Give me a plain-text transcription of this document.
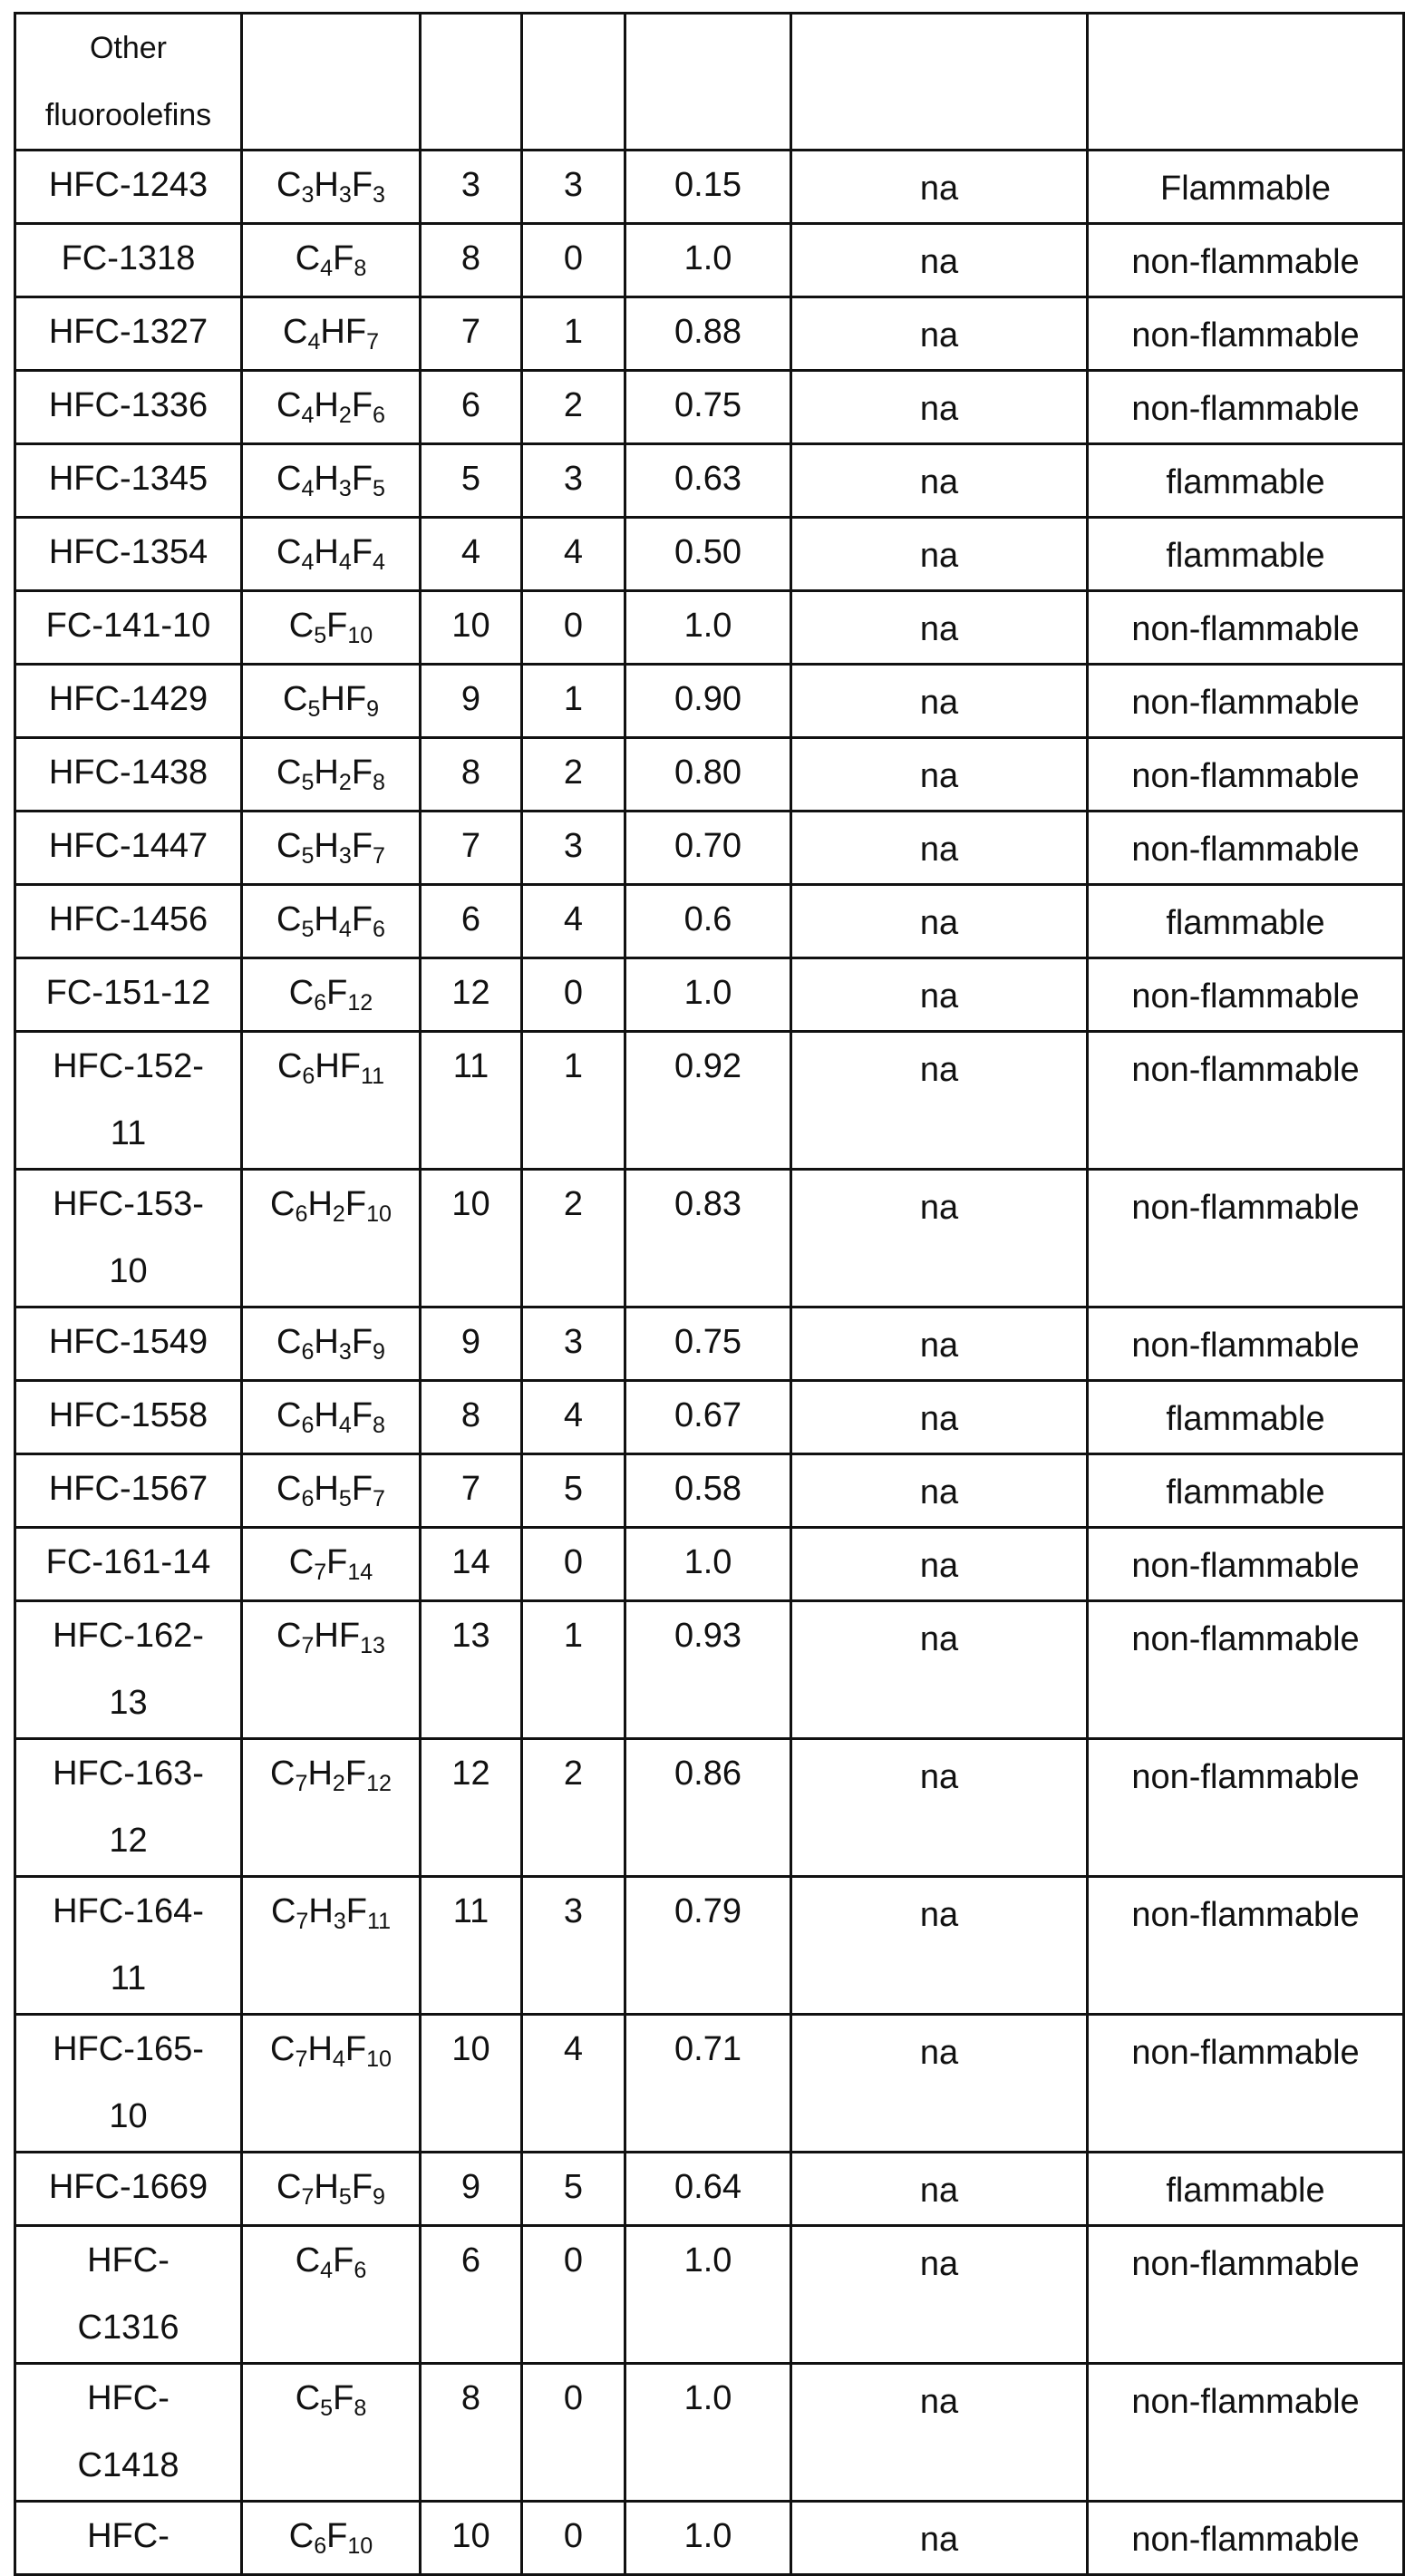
Other
fluoroolefins						
HFC-1243	$C_3H_3F_3$	3	3	0.15	na	Flammable
FC-1318	$C_4F_8$	8	0	1.0	na	non-flammable
HFC-1327	$C_4HF_7$	7	1	0.88	na	non-flammable
HFC-1336	$C_4H_2F_6$	6	2	0.75	na	non-flammable
HFC-1345	$C_4H_3F_5$	5	3	0.63	na	flammable
HFC-1354	$C_4H_4F_4$	4	4	0.50	na	flammable
FC-141-10	$C_5F_{10}$	10	0	1.0	na	non-flammable
HFC-1429	$C_5HF_9$	9	1	0.90	na	non-flammable
HFC-1438	$C_5H_2F_8$	8	2	0.80	na	non-flammable
HFC-1447	$C_5H_3F_7$	7	3	0.70	na	non-flammable
HFC-1456	$C_5H_4F_6$	6	4	0.6	na	flammable
FC-151-12	$C_6F_{12}$	12	0	1.0	na	non-flammable
HFC-152-
11	$C_6HF_{11}$	11	1	0.92	na	non-flammable
HFC-153-
10	$C_6H_2F_{10}$	10	2	0.83	na	non-flammable
HFC-1549	$C_6H_3F_9$	9	3	0.75	na	non-flammable
HFC-1558	$C_6H_4F_8$	8	4	0.67	na	flammable
HFC-1567	$C_6H_5F_7$	7	5	0.58	na	flammable
FC-161-14	$C_7F_{14}$	14	0	1.0	na	non-flammable
HFC-162-
13	$C_7HF_{13}$	13	1	0.93	na	non-flammable
HFC-163-
12	$C_7H_2F_{12}$	12	2	0.86	na	non-flammable
HFC-164-
11	$C_7H_3F_{11}$	11	3	0.79	na	non-flammable
HFC-165-
10	$C_7H_4F_{10}$	10	4	0.71	na	non-flammable
HFC-1669	$C_7H_5F_9$	9	5	0.64	na	flammable
HFC-
C1316	$C_4F_6$	6	0	1.0	na	non-flammable
HFC-
C1418	$C_5F_8$	8	0	1.0	na	non-flammable
HFC-	$C_6F_{10}$	10	0	1.0	na	non-flammable
